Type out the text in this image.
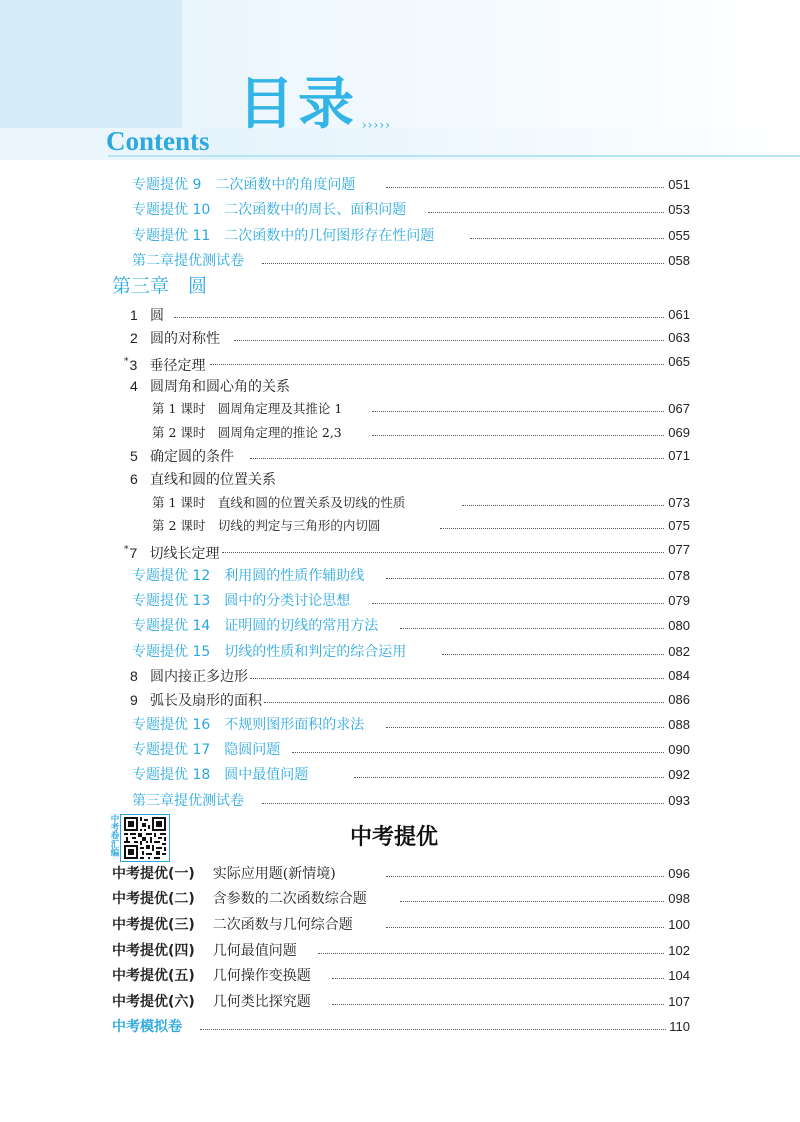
目录
Contents
›››››
专题提优 9　二次函数中的角度问题	051
专题提优 10　二次函数中的周长、面积问题	053
专题提优 11　二次函数中的几何图形存在性问题	055
第二章提优测试卷	058
第三章　圆
1 圆	061
2 圆的对称性	063
*3 垂径定理	065
4 圆周角和圆心角的关系
第 1 课时　圆周角定理及其推论 1	067
第 2 课时　圆周角定理的推论 2,3	069
5 确定圆的条件	071
6 直线和圆的位置关系
第 1 课时　直线和圆的位置关系及切线的性质	073
第 2 课时　切线的判定与三角形的内切圆	075
*7 切线长定理	077
专题提优 12　利用圆的性质作辅助线	078
专题提优 13　圆中的分类讨论思想	079
专题提优 14　证明圆的切线的常用方法	080
专题提优 15　切线的性质和判定的综合运用	082
8 圆内接正多边形	084
9 弧长及扇形的面积	086
专题提优 16　不规则图形面积的求法	088
专题提优 17　隐圆问题	090
专题提优 18　圆中最值问题	092
第三章提优测试卷	093
中考卷汇编	中考提优
中考提优(一) 实际应用题(新情境)	096
中考提优(二) 含参数的二次函数综合题	098
中考提优(三) 二次函数与几何综合题	100
中考提优(四) 几何最值问题	102
中考提优(五) 几何操作变换题	104
中考提优(六) 几何类比探究题	107
中考模拟卷	110
